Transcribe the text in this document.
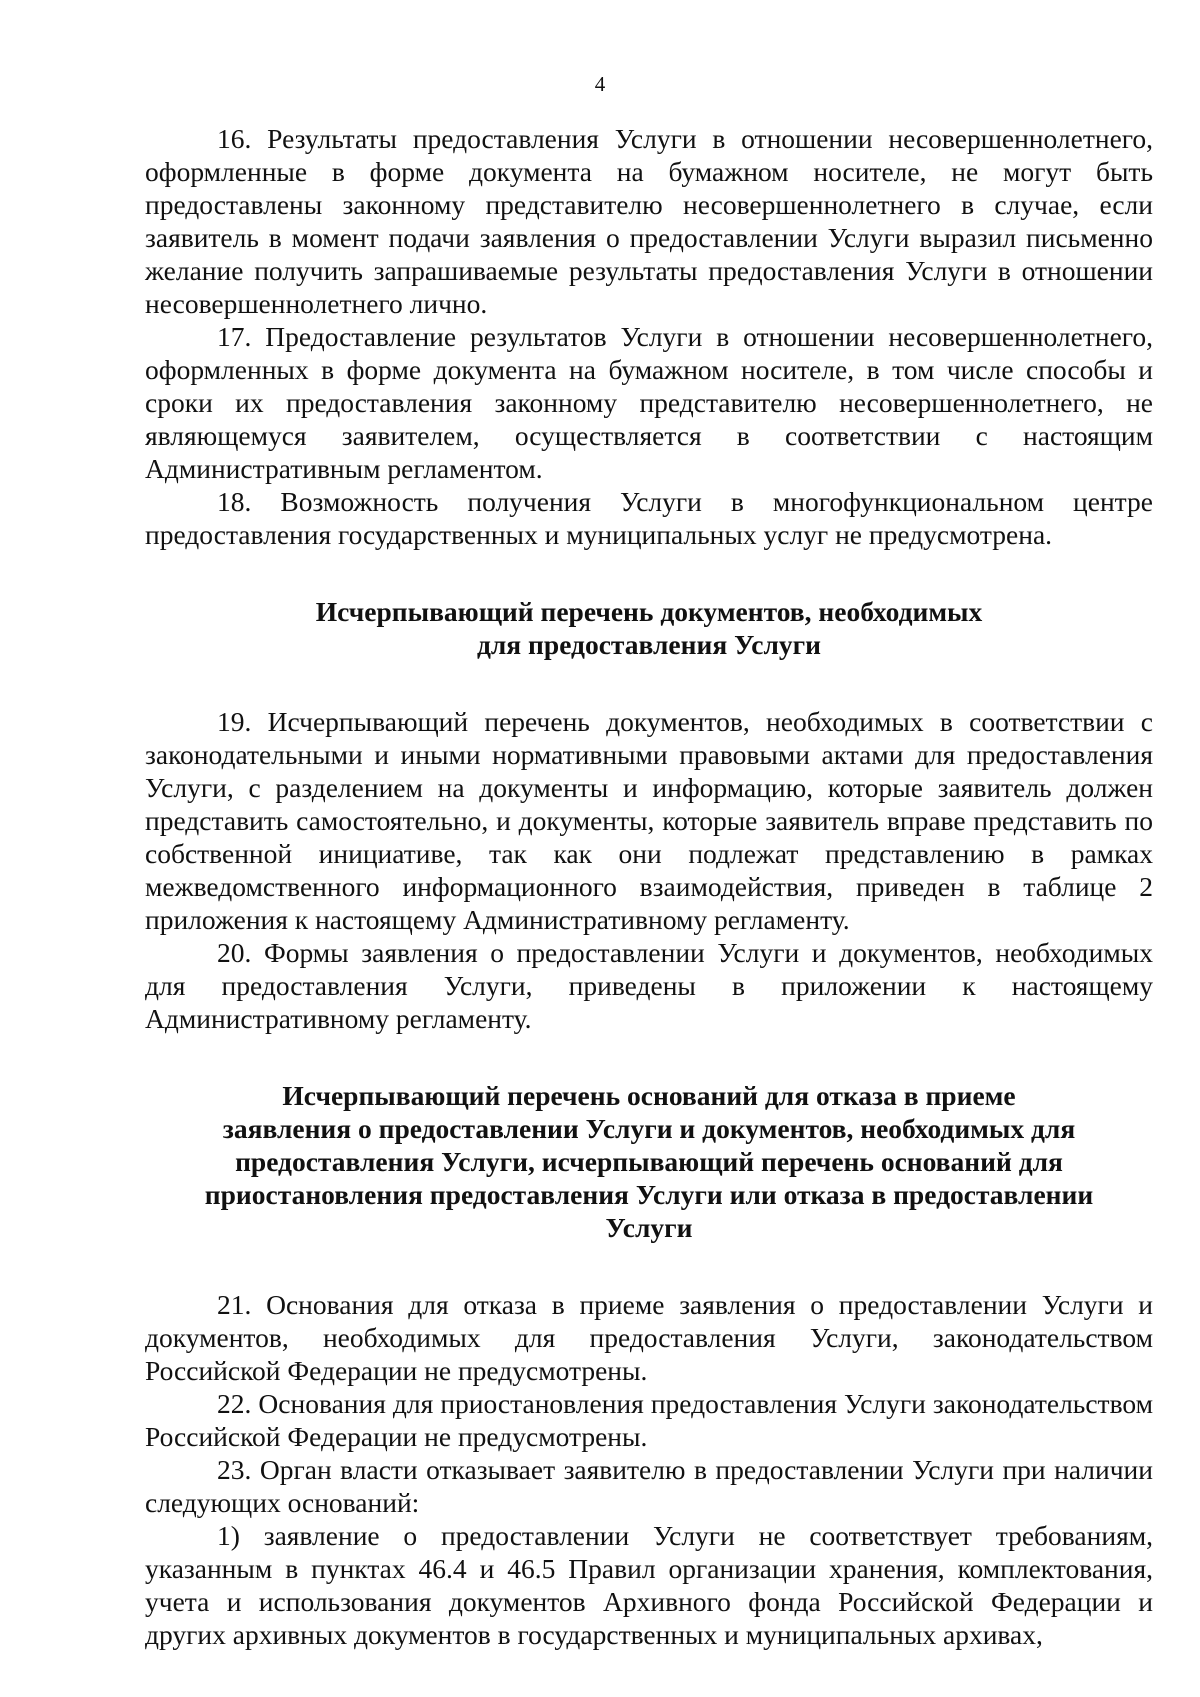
4

16. Результаты предоставления Услуги в отношении несовершеннолетнего, оформленные в форме документа на бумажном носителе, не могут быть предоставлены законному представителю несовершеннолетнего в случае, если заявитель в момент подачи заявления о предоставлении Услуги выразил письменно желание получить запрашиваемые результаты предоставления Услуги в отношении несовершеннолетнего лично.

17. Предоставление результатов Услуги в отношении несовершеннолетнего, оформленных в форме документа на бумажном носителе, в том числе способы и сроки их предоставления законному представителю несовершеннолетнего, не являющемуся заявителем, осуществляется в соответствии с настоящим Административным регламентом.

18. Возможность получения Услуги в многофункциональном центре предоставления государственных и муниципальных услуг не предусмотрена.

Исчерпывающий перечень документов, необходимых
для предоставления Услуги

19. Исчерпывающий перечень документов, необходимых в соответствии с законодательными и иными нормативными правовыми актами для предоставления Услуги, с разделением на документы и информацию, которые заявитель должен представить самостоятельно, и документы, которые заявитель вправе представить по собственной инициативе, так как они подлежат представлению в рамках межведомственного информационного взаимодействия, приведен в таблице 2 приложения к настоящему Административному регламенту.

20. Формы заявления о предоставлении Услуги и документов, необходимых для предоставления Услуги, приведены в приложении к настоящему Административному регламенту.

Исчерпывающий перечень оснований для отказа в приеме
заявления о предоставлении Услуги и документов, необходимых для
предоставления Услуги, исчерпывающий перечень оснований для
приостановления предоставления Услуги или отказа в предоставлении
Услуги

21. Основания для отказа в приеме заявления о предоставлении Услуги и документов, необходимых для предоставления Услуги, законодательством Российской Федерации не предусмотрены.

22. Основания для приостановления предоставления Услуги законодательством Российской Федерации не предусмотрены.

23. Орган власти отказывает заявителю в предоставлении Услуги при наличии следующих оснований:

1) заявление о предоставлении Услуги не соответствует требованиям, указанным в пунктах 46.4 и 46.5 Правил организации хранения, комплектования, учета и использования документов Архивного фонда Российской Федерации и других архивных документов в государственных и муниципальных архивах,
